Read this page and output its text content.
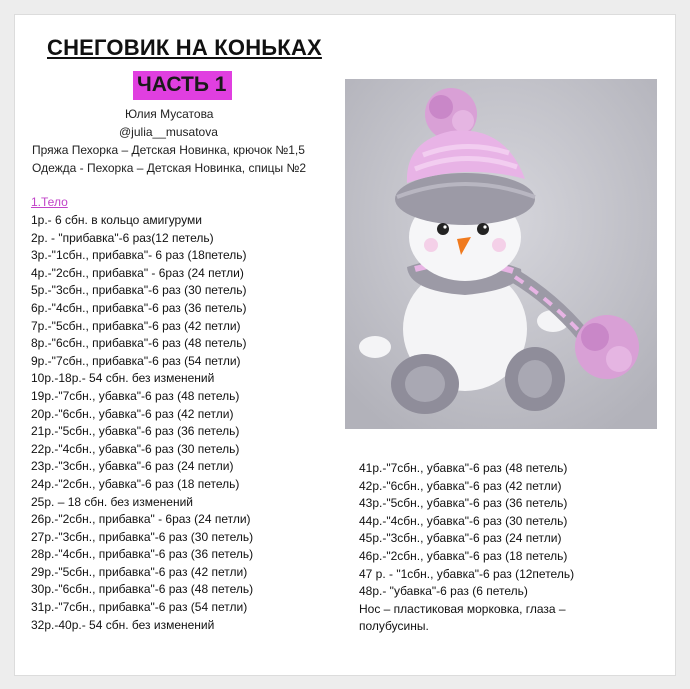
СНЕГОВИК НА КОНЬКАХ
ЧАСТЬ 1
Юлия Мусатова
@julia__musatova
Пряжа Пехорка – Детская Новинка, крючок №1,5
Одежда - Пехорка – Детская Новинка, спицы №2
1.Тело
1р.- 6 сбн. в кольцо амигуруми
2р. - "прибавка"-6 раз(12 петель)
3р.-"1сбн., прибавка"- 6 раз (18петель)
4р.-"2сбн., прибавка" - 6раз (24 петли)
5р.-"3сбн., прибавка"-6 раз (30 петель)
6р.-"4сбн., прибавка"-6 раз (36 петель)
7р.-"5сбн., прибавка"-6 раз (42 петли)
8р.-"6сбн., прибавка"-6 раз (48 петель)
9р.-"7сбн., прибавка"-6 раз (54 петли)
10р.-18р.- 54 сбн. без изменений
19р.-"7сбн., убавка"-6 раз (48 петель)
20р.-"6сбн., убавка"-6 раз (42 петли)
21р.-"5сбн., убавка"-6 раз (36 петель)
22р.-"4сбн., убавка"-6 раз (30 петель)
23р.-"3сбн., убавка"-6 раз (24 петли)
24р.-"2сбн., убавка"-6 раз (18 петель)
25р. – 18 сбн. без изменений
26р.-"2сбн., прибавка" - 6раз (24 петли)
27р.-"3сбн., прибавка"-6 раз (30 петель)
28р.-"4сбн., прибавка"-6 раз (36 петель)
29р.-"5сбн., прибавка"-6 раз (42 петли)
30р.-"6сбн., прибавка"-6 раз (48 петель)
31р.-"7сбн., прибавка"-6 раз (54 петли)
32р.-40р.- 54 сбн. без изменений
41р.-"7сбн., убавка"-6 раз (48 петель)
42р.-"6сбн., убавка"-6 раз (42 петли)
43р.-"5сбн., убавка"-6 раз (36 петель)
44р.-"4сбн., убавка"-6 раз (30 петель)
45р.-"3сбн., убавка"-6 раз (24 петли)
46р.-"2сбн., убавка"-6 раз (18 петель)
47 р. - "1сбн., убавка"-6 раз (12петель)
48р.- "убавка"-6 раз (6 петель)
Нос – пластиковая морковка, глаза –
полубусины.
